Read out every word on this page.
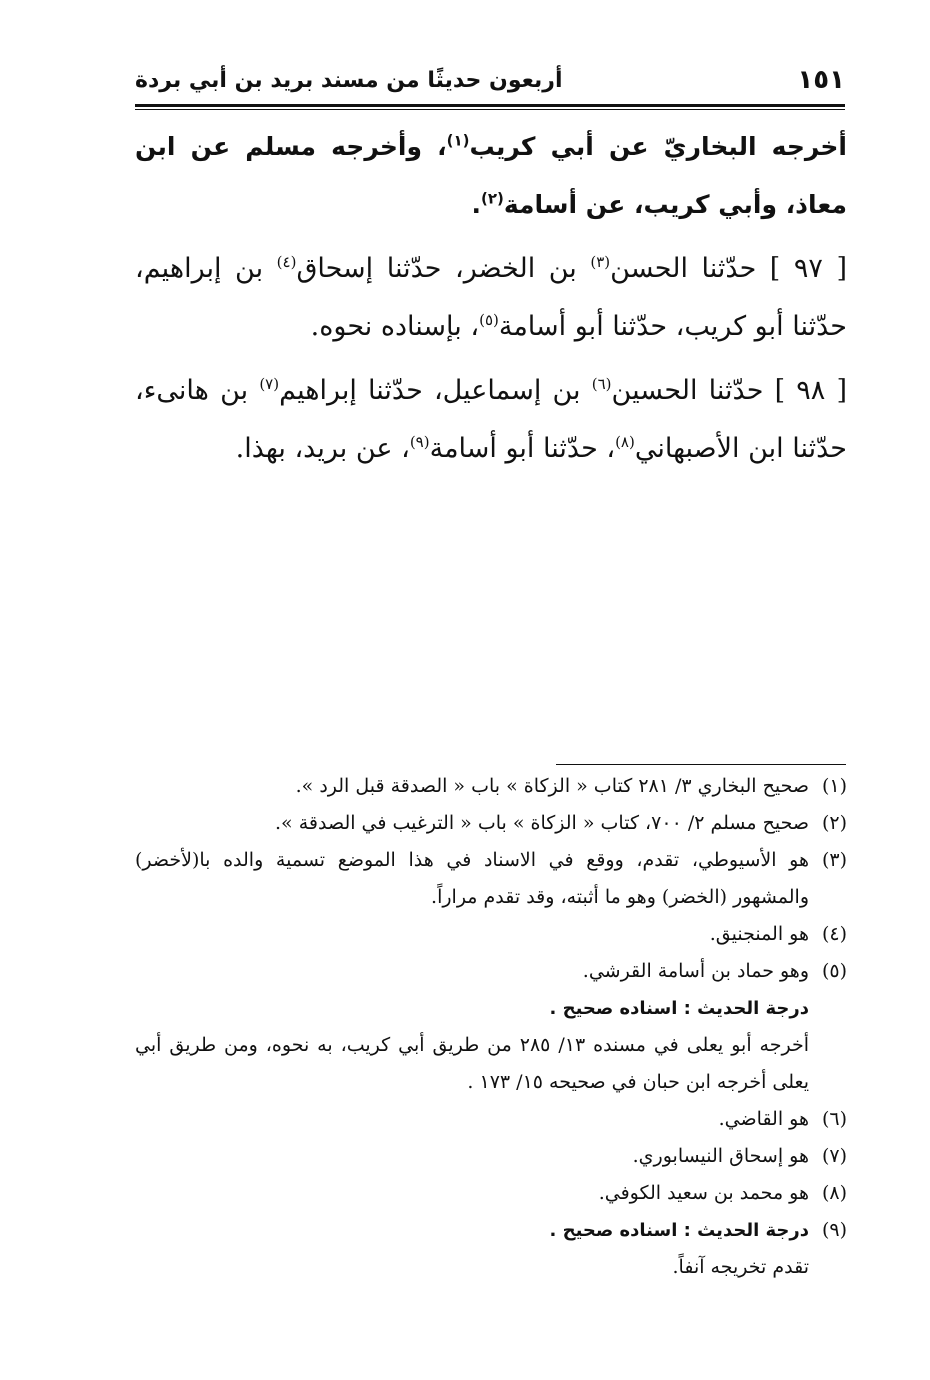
١٥١
أربعون حديثًا من مسند بريد بن أبي بردة

أخرجه البخاريّ عن أبي كريب$^{(١)}$، وأخرجه مسلم عن ابن معاذ، وأبي كريب، عن أسامة$^{(٢)}$.

[ ٩٧ ] حدّثنا الحسن$^{(٣)}$ بن الخضر، حدّثنا إسحاق$^{(٤)}$ بن إبراهيم، حدّثنا أبو كريب، حدّثنا أبو أسامة$^{(٥)}$، بإسناده نحوه.

[ ٩٨ ] حدّثنا الحسين$^{(٦)}$ بن إسماعيل، حدّثنا إبراهيم$^{(٧)}$ بن هانىء، حدّثنا ابن الأصبهاني$^{(٨)}$، حدّثنا أبو أسامة$^{(٩)}$، عن بريد، بهذا.

(١)
صحيح البخاري ٣/ ٢٨١ كتاب « الزكاة » باب « الصدقة قبل الرد ».
(٢)
صحيح مسلم ٢/ ٧٠٠، كتاب « الزكاة » باب « الترغيب في الصدقة ».
(٣)
هو الأسيوطي، تقدم، ووقع في الاسناد في هذا الموضع تسمية والده با(لأخضر) والمشهور (الخضر) وهو ما أثبته، وقد تقدم مراراً.
(٤)
هو المنجنيق.
(٥)
وهو حماد بن أسامة القرشي.
درجة الحديث : اسناده صحيح .
أخرجه أبو يعلى في مسنده ١٣/ ٢٨٥ من طريق أبي كريب، به نحوه، ومن طريق أبي يعلى أخرجه ابن حبان في صحيحه ١٥/ ١٧٣ .
(٦)
هو القاضي.
(٧)
هو إسحاق النيسابوري.
(٨)
هو محمد بن سعيد الكوفي.
(٩)
درجة الحديث : اسناده صحيح .
تقدم تخريجه آنفاً.
